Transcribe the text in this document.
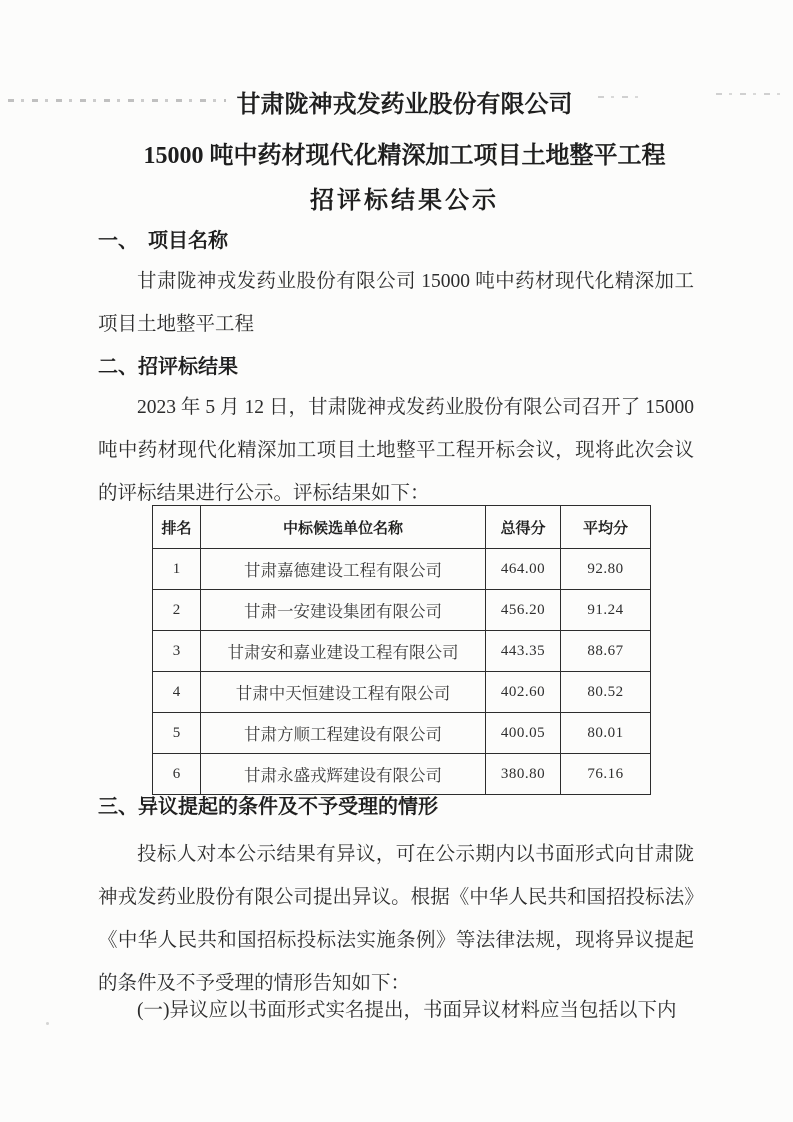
甘肃陇神戎发药业股份有限公司
15000 吨中药材现代化精深加工项目土地整平工程
招评标结果公示
一、　项目名称
甘肃陇神戎发药业股份有限公司 15000 吨中药材现代化精深加工项目土地整平工程
二、招评标结果
2023 年 5 月 12 日，甘肃陇神戎发药业股份有限公司召开了 15000 吨中药材现代化精深加工项目土地整平工程开标会议，现将此次会议的评标结果进行公示。评标结果如下：
排名	中标候选单位名称	总得分	平均分
1	甘肃嘉德建设工程有限公司	464.00	92.80
2	甘肃一安建设集团有限公司	456.20	91.24
3	甘肃安和嘉业建设工程有限公司	443.35	88.67
4	甘肃中天恒建设工程有限公司	402.60	80.52
5	甘肃方顺工程建设有限公司	400.05	80.01
6	甘肃永盛戎辉建设有限公司	380.80	76.16
三、异议提起的条件及不予受理的情形
投标人对本公示结果有异议，可在公示期内以书面形式向甘肃陇神戎发药业股份有限公司提出异议。根据《中华人民共和国招投标法》《中华人民共和国招标投标法实施条例》等法律法规，现将异议提起的条件及不予受理的情形告知如下：
(一)异议应以书面形式实名提出，书面异议材料应当包括以下内
